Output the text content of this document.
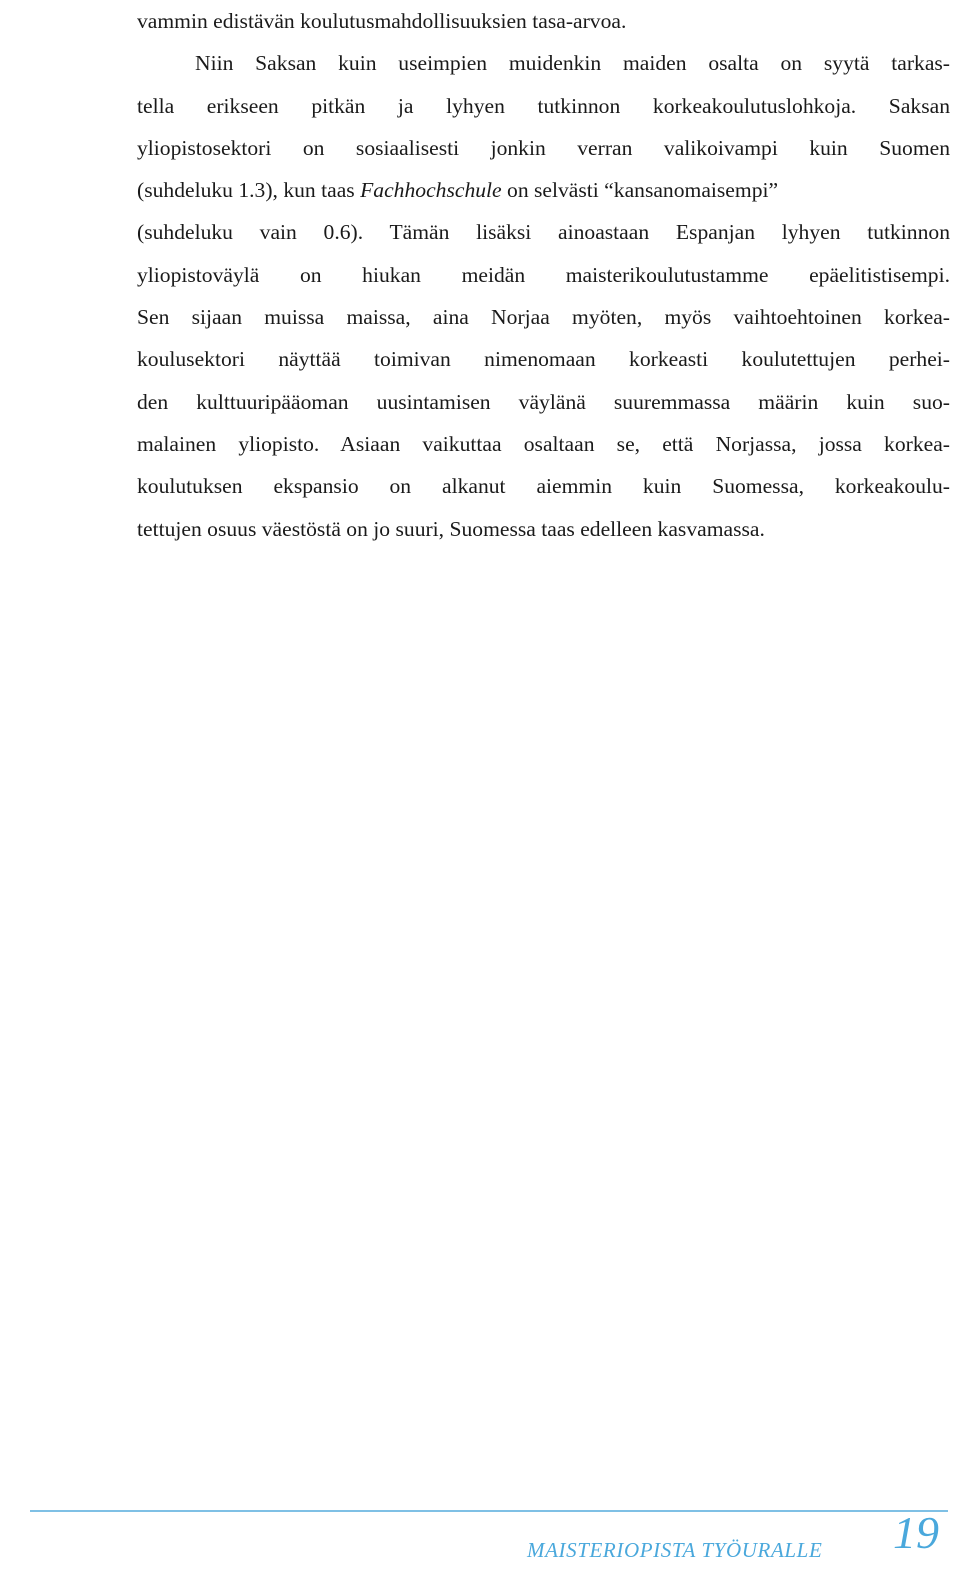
vammin edistävän koulutusmahdollisuuksien tasa-arvoa.
Niin Saksan kuin useimpien muidenkin maiden osalta on syytä tarkas-
tella erikseen pitkän ja lyhyen tutkinnon korkeakoulutuslohkoja. Saksan
yliopistosektori on sosiaalisesti jonkin verran valikoivampi kuin Suomen
(suhdeluku 1.3), kun taas Fachhochschule on selvästi “kansanomaisempi”
(suhdeluku vain 0.6). Tämän lisäksi ainoastaan Espanjan lyhyen tutkinnon
yliopistoväylä on hiukan meidän maisterikoulutustamme epäelitistisempi.
Sen sijaan muissa maissa, aina Norjaa myöten, myös vaihtoehtoinen korkea-
koulusektori näyttää toimivan nimenomaan korkeasti koulutettujen perhei-
den kulttuuripääoman uusintamisen väylänä suuremmassa määrin kuin suo-
malainen yliopisto. Asiaan vaikuttaa osaltaan se, että Norjassa, jossa korkea-
koulutuksen ekspansio on alkanut aiemmin kuin Suomessa, korkeakoulu-
tettujen osuus väestöstä on jo suuri, Suomessa taas edelleen kasvamassa.
MAISTERIOPISTA TYÖURALLE 19
